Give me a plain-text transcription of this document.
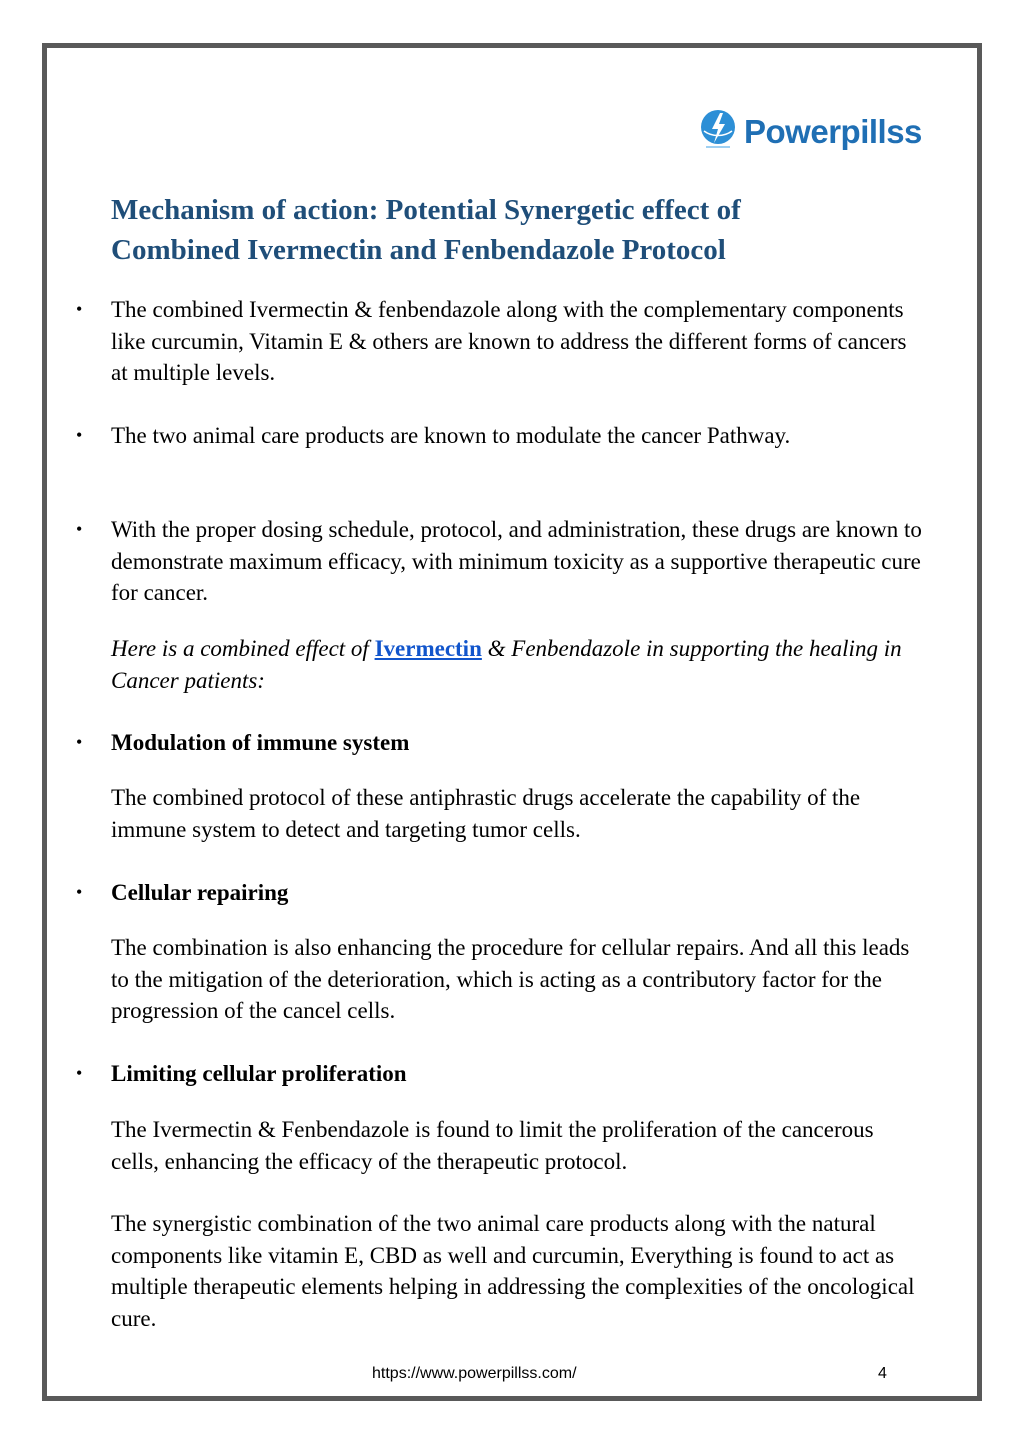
Powerpillss
Mechanism of action: Potential Synergetic effect of
Combined Ivermectin and Fenbendazole Protocol
• The combined Ivermectin & fenbendazole along with the complementary components like curcumin, Vitamin E & others are known to address the different forms of cancers at multiple levels.

• The two animal care products are known to modulate the cancer Pathway.

• With the proper dosing schedule, protocol, and administration, these drugs are known to demonstrate maximum efficacy, with minimum toxicity as a supportive therapeutic cure for cancer.

Here is a combined effect of Ivermectin & Fenbendazole in supporting the healing in Cancer patients:

• Modulation of immune system

The combined protocol of these antiphrastic drugs accelerate the capability of the immune system to detect and targeting tumor cells.

• Cellular repairing

The combination is also enhancing the procedure for cellular repairs. And all this leads to the mitigation of the deterioration, which is acting as a contributory factor for the progression of the cancel cells.

• Limiting cellular proliferation

The Ivermectin & Fenbendazole is found to limit the proliferation of the cancerous cells, enhancing the efficacy of the therapeutic protocol.

The synergistic combination of the two animal care products along with the natural components like vitamin E, CBD as well and curcumin, Everything is found to act as multiple therapeutic elements helping in addressing the complexities of the oncological cure.

https://www.powerpillss.com/	4
